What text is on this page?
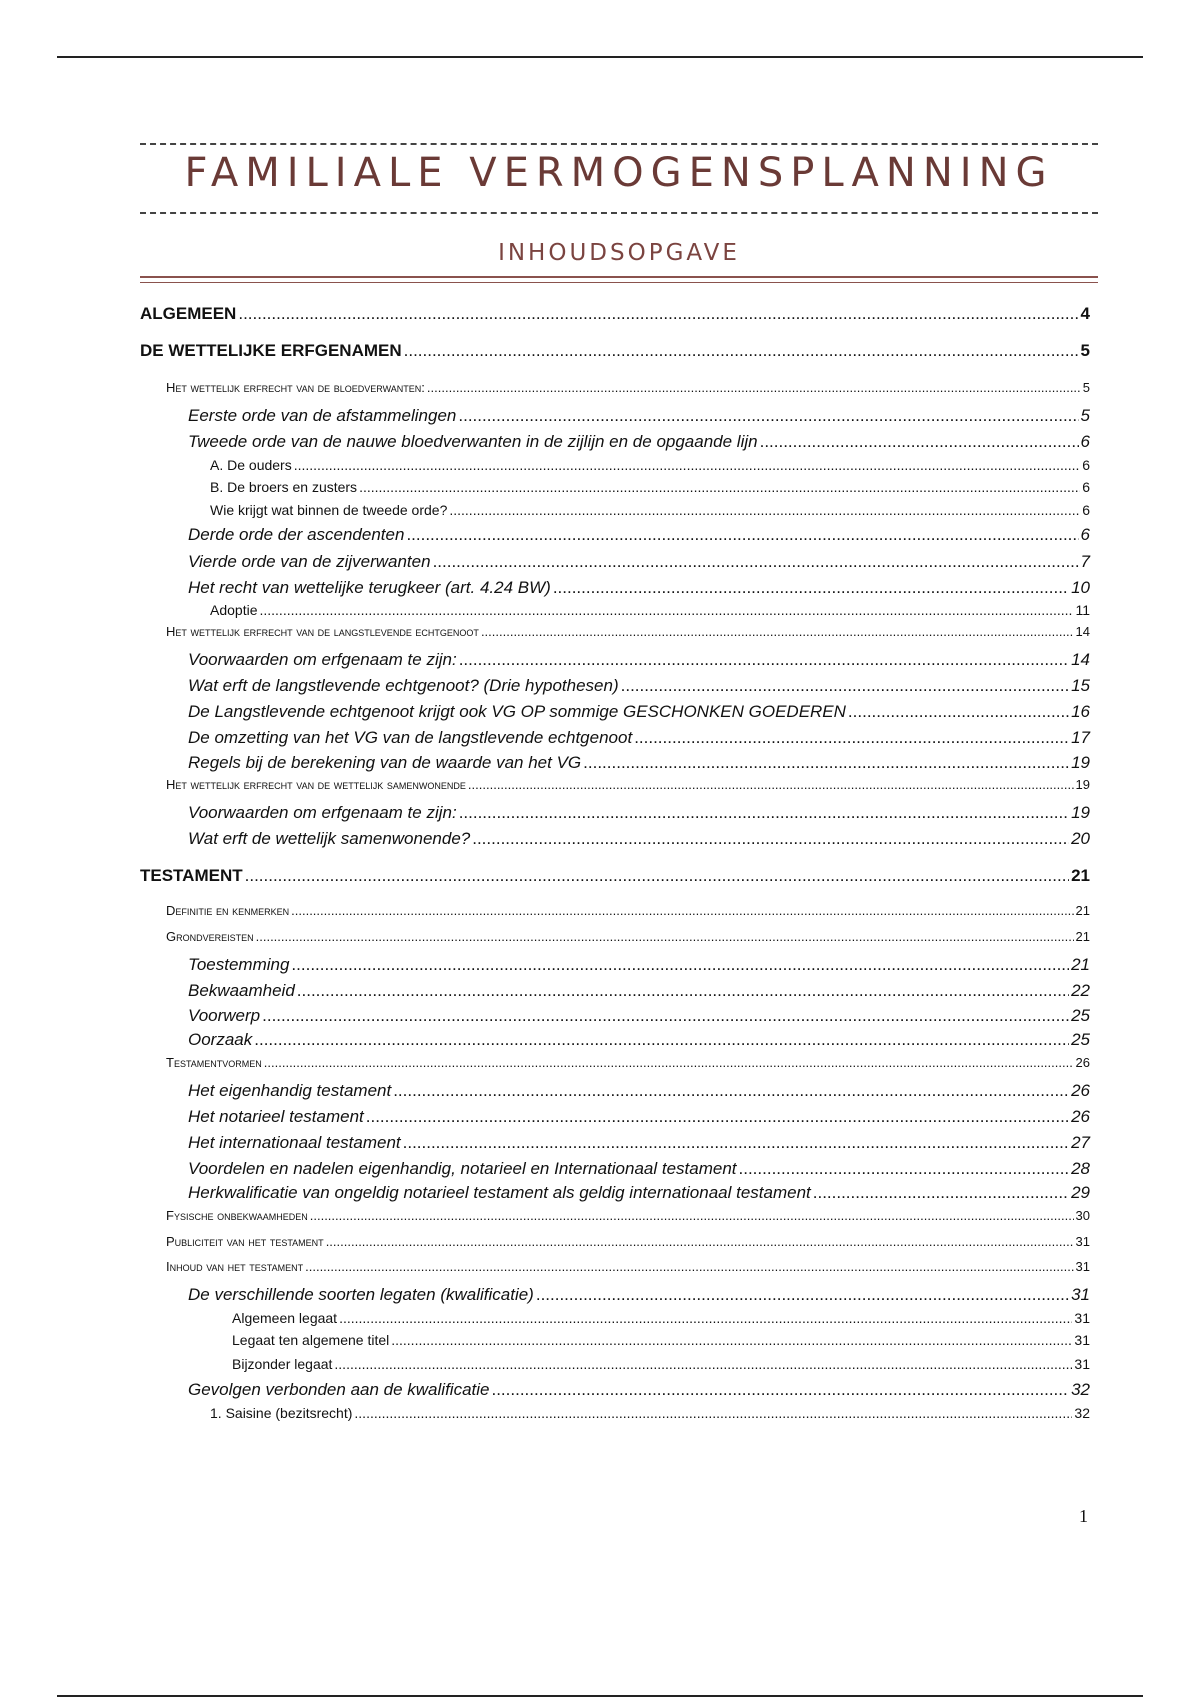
FAMILIALE VERMOGENSPLANNING
INHOUDSOPGAVE
ALGEMEEN .....	4
DE WETTELIJKE ERFGENAMEN .....	5
Het wettelijk erfrecht van de bloedverwanten: .....	5
Eerste orde van de afstammelingen .....	5
Tweede orde van de nauwe bloedverwanten in de zijlijn en de opgaande lijn .....	6
A. De ouders .....	6
B. De broers en zusters .....	6
Wie krijgt wat binnen de tweede orde? .....	6
Derde orde der ascendenten .....	6
Vierde orde van de zijverwanten .....	7
Het recht van wettelijke terugkeer (art. 4.24 BW) .....	10
Adoptie .....	11
Het wettelijk erfrecht van de langstlevende echtgenoot .....	14
Voorwaarden om erfgenaam te zijn: .....	14
Wat erft de langstlevende echtgenoot? (Drie hypothesen) .....	15
De Langstlevende echtgenoot krijgt ook VG OP sommige GESCHONKEN GOEDEREN .....	16
De omzetting van het VG van de langstlevende echtgenoot .....	17
Regels bij de berekening van de waarde van het VG .....	19
Het wettelijk erfrecht van de wettelijk samenwonende .....	19
Voorwaarden om erfgenaam te zijn: .....	19
Wat erft de wettelijk samenwonende? .....	20
TESTAMENT .....	21
Definitie en kenmerken .....	21
Grondvereisten .....	21
Toestemming .....	21
Bekwaamheid .....	22
Voorwerp .....	25
Oorzaak .....	25
Testamentvormen .....	26
Het eigenhandig testament .....	26
Het notarieel testament .....	26
Het internationaal testament .....	27
Voordelen en nadelen eigenhandig, notarieel en Internationaal testament .....	28
Herkwalificatie van ongeldig notarieel testament als geldig internationaal testament .....	29
Fysische onbekwaamheden .....	30
Publiciteit van het testament .....	31
Inhoud van het testament .....	31
De verschillende soorten legaten (kwalificatie) .....	31
Algemeen legaat .....	31
Legaat ten algemene titel .....	31
Bijzonder legaat .....	31
Gevolgen verbonden aan de kwalificatie .....	32
1. Saisine (bezitsrecht) .....	32
1
